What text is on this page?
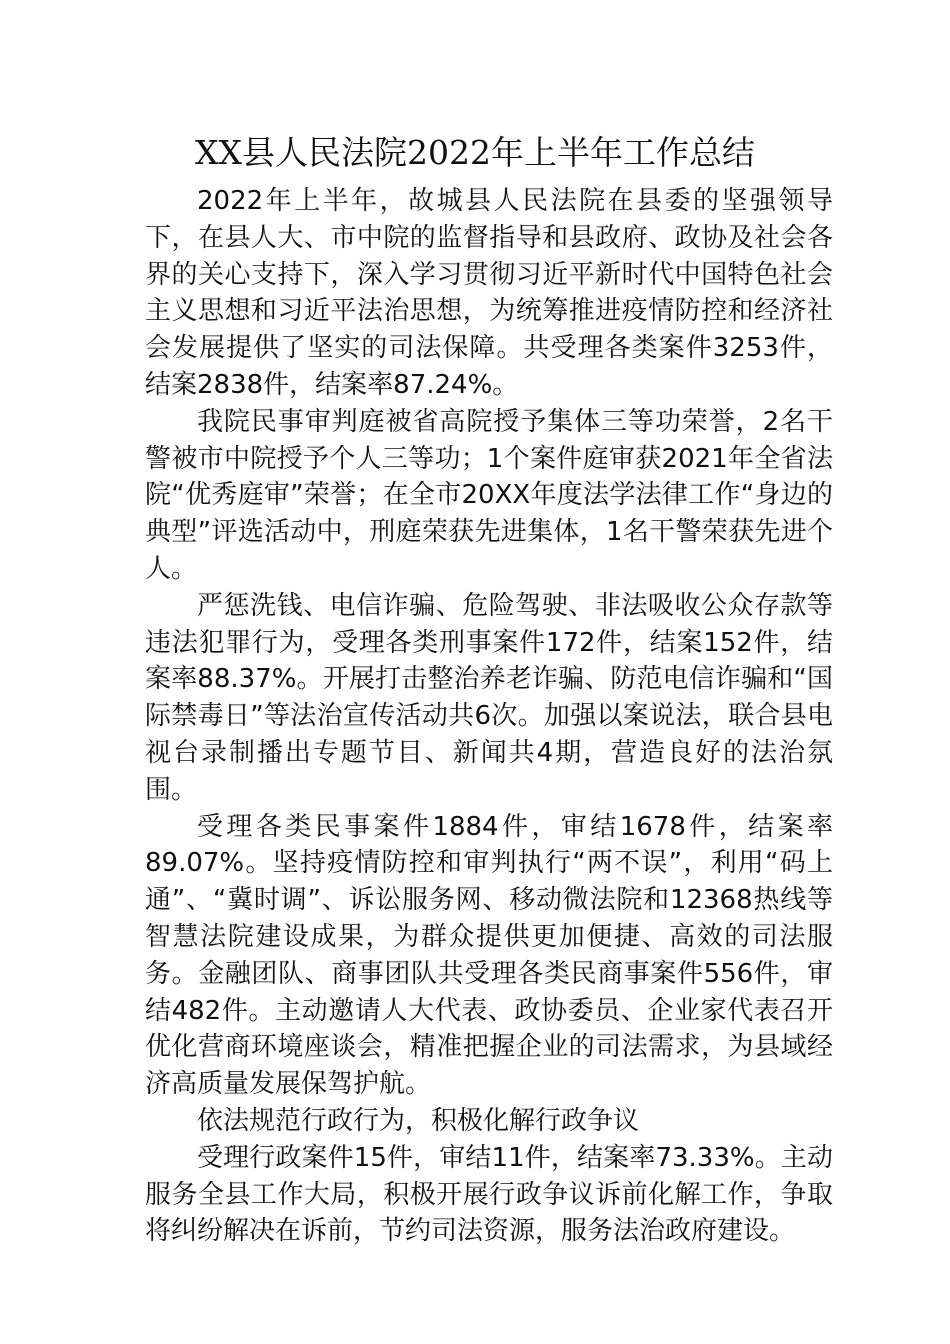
XX县人民法院2022年上半年工作总结

2022年上半年，故城县人民法院在县委的坚强领导下，在县人大、市中院的监督指导和县政府、政协及社会各界的关心支持下，深入学习贯彻习近平新时代中国特色社会主义思想和习近平法治思想，为统筹推进疫情防控和经济社会发展提供了坚实的司法保障。共受理各类案件3253件，结案2838件，结案率87.24%。

我院民事审判庭被省高院授予集体三等功荣誉，2名干警被市中院授予个人三等功；1个案件庭审获2021年全省法院“优秀庭审”荣誉；在全市20XX年度法学法律工作“身边的典型”评选活动中，刑庭荣获先进集体，1名干警荣获先进个人。

严惩洗钱、电信诈骗、危险驾驶、非法吸收公众存款等违法犯罪行为，受理各类刑事案件172件，结案152件，结案率88.37%。开展打击整治养老诈骗、防范电信诈骗和“国际禁毒日”等法治宣传活动共6次。加强以案说法，联合县电视台录制播出专题节目、新闻共4期，营造良好的法治氛围。

受理各类民事案件1884件，审结1678件，结案率89.07%。坚持疫情防控和审判执行“两不误”，利用“码上通”、“冀时调”、诉讼服务网、移动微法院和12368热线等智慧法院建设成果，为群众提供更加便捷、高效的司法服务。金融团队、商事团队共受理各类民商事案件556件，审结482件。主动邀请人大代表、政协委员、企业家代表召开优化营商环境座谈会，精准把握企业的司法需求，为县域经济高质量发展保驾护航。

依法规范行政行为，积极化解行政争议

受理行政案件15件，审结11件，结案率73.33%。主动服务全县工作大局，积极开展行政争议诉前化解工作，争取将纠纷解决在诉前，节约司法资源，服务法治政府建设。
